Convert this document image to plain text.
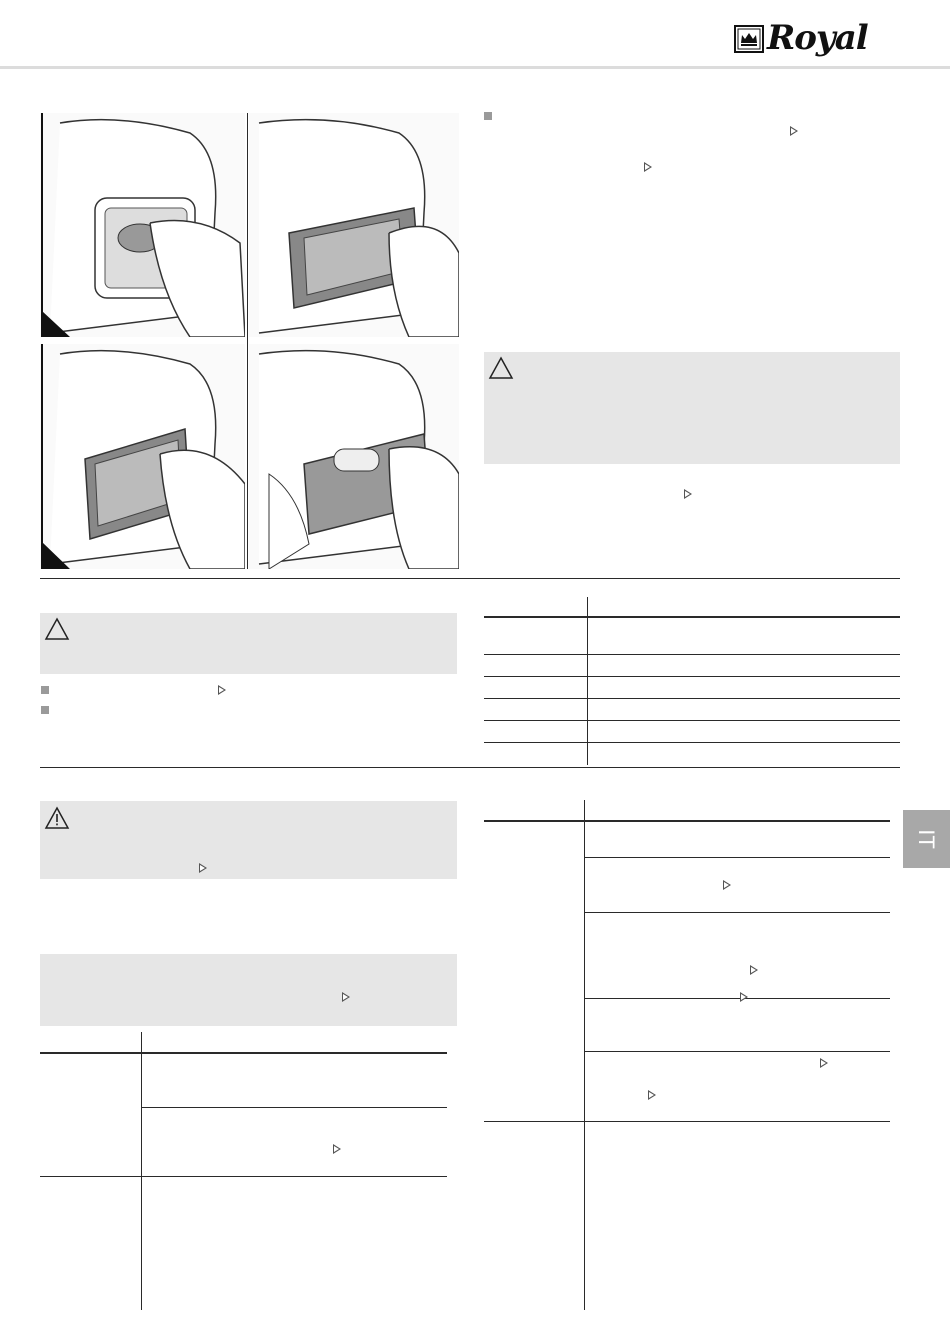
Royal
IT
